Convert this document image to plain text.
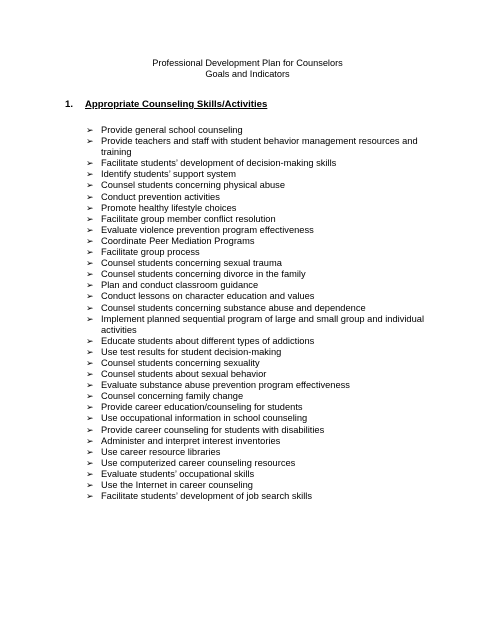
Professional Development Plan for Counselors
Goals and Indicators
1. Appropriate Counseling Skills/Activities
➢ Provide general school counseling
➢ Provide teachers and staff with student behavior management resources and training
➢ Facilitate students’ development of decision-making skills
➢ Identify students’ support system
➢ Counsel students concerning physical abuse
➢ Conduct prevention activities
➢ Promote healthy lifestyle choices
➢ Facilitate group member conflict resolution
➢ Evaluate violence prevention program effectiveness
➢ Coordinate Peer Mediation Programs
➢ Facilitate group process
➢ Counsel students concerning sexual trauma
➢ Counsel students concerning divorce in the family
➢ Plan and conduct classroom guidance
➢ Conduct lessons on character education and values
➢ Counsel students concerning substance abuse and dependence
➢ Implement planned sequential program of large and small group and individual activities
➢ Educate students about different types of addictions
➢ Use test results for student decision-making
➢ Counsel students concerning sexuality
➢ Counsel students about sexual behavior
➢ Evaluate substance abuse prevention program effectiveness
➢ Counsel concerning family change
➢ Provide career education/counseling for students
➢ Use occupational information in school counseling
➢ Provide career counseling for students with disabilities
➢ Administer and interpret interest inventories
➢ Use career resource libraries
➢ Use computerized career counseling resources
➢ Evaluate students’ occupational skills
➢ Use the Internet in career counseling
➢ Facilitate students’ development of job search skills
